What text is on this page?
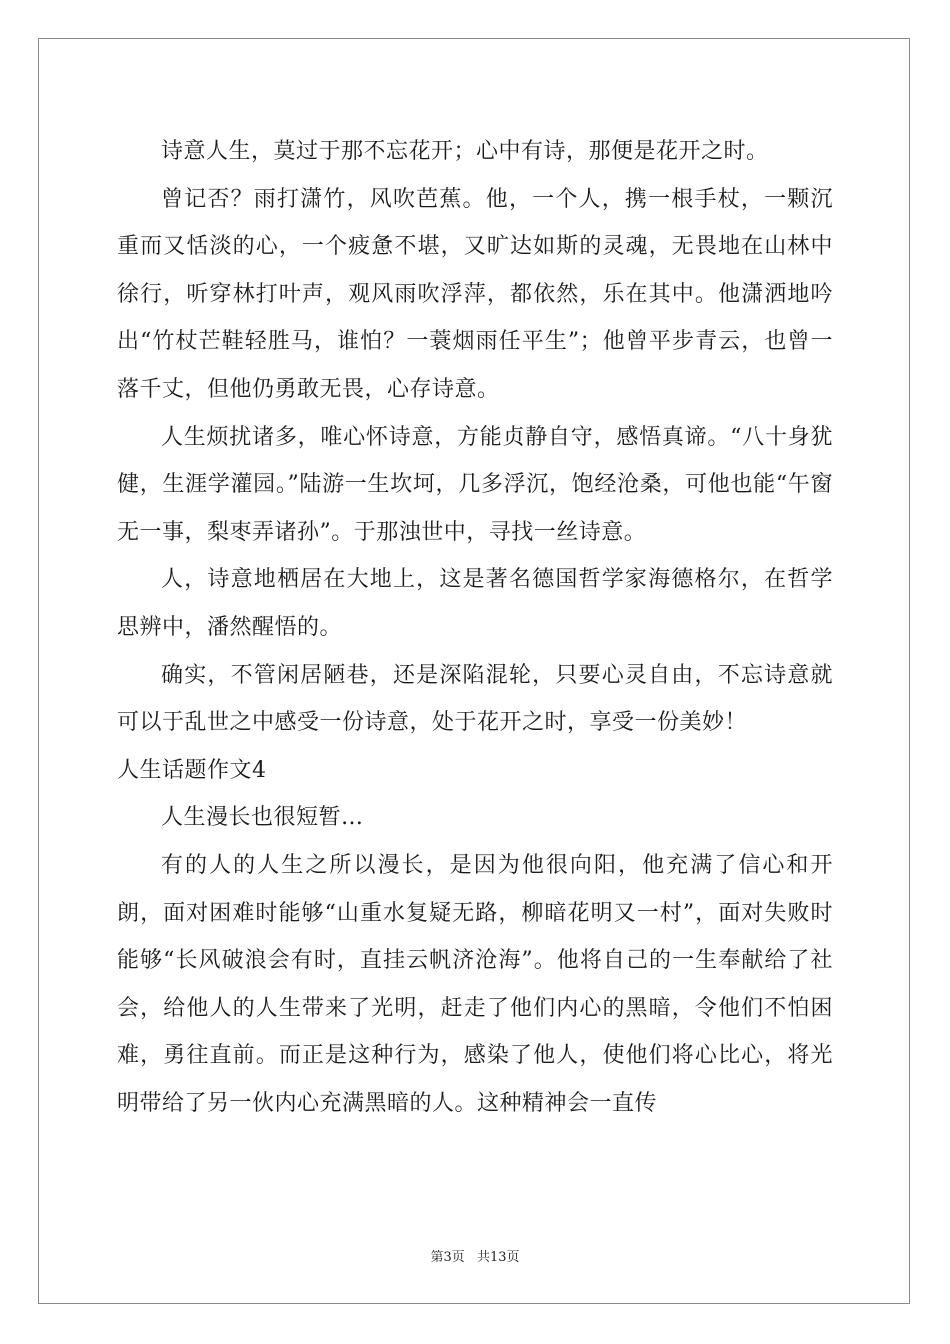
诗意人生，莫过于那不忘花开；心中有诗，那便是花开之时。

曾记否？雨打潇竹，风吹芭蕉。他，一个人，携一根手杖，一颗沉重而又恬淡的心，一个疲惫不堪，又旷达如斯的灵魂，无畏地在山林中徐行，听穿林打叶声，观风雨吹浮萍，都依然，乐在其中。他潇洒地吟出“竹杖芒鞋轻胜马，谁怕？一蓑烟雨任平生”；他曾平步青云，也曾一落千丈，但他仍勇敢无畏，心存诗意。

人生烦扰诸多，唯心怀诗意，方能贞静自守，感悟真谛。“八十身犹健，生涯学灌园。”陆游一生坎坷，几多浮沉，饱经沧桑，可他也能“午窗无一事，梨枣弄诸孙”。于那浊世中，寻找一丝诗意。

人，诗意地栖居在大地上，这是著名德国哲学家海德格尔，在哲学思辨中，潘然醒悟的。

确实，不管闲居陋巷，还是深陷混轮，只要心灵自由，不忘诗意就可以于乱世之中感受一份诗意，处于花开之时，享受一份美妙！

人生话题作文4

人生漫长也很短暂…

有的人的人生之所以漫长，是因为他很向阳，他充满了信心和开朗，面对困难时能够“山重水复疑无路，柳暗花明又一村”，面对失败时能够“长风破浪会有时，直挂云帆济沧海”。他将自己的一生奉献给了社会，给他人的人生带来了光明，赶走了他们内心的黑暗，令他们不怕困难，勇往直前。而正是这种行为，感染了他人，使他们将心比心，将光明带给了另一伙内心充满黑暗的人。这种精神会一直传

第3页 共13页
